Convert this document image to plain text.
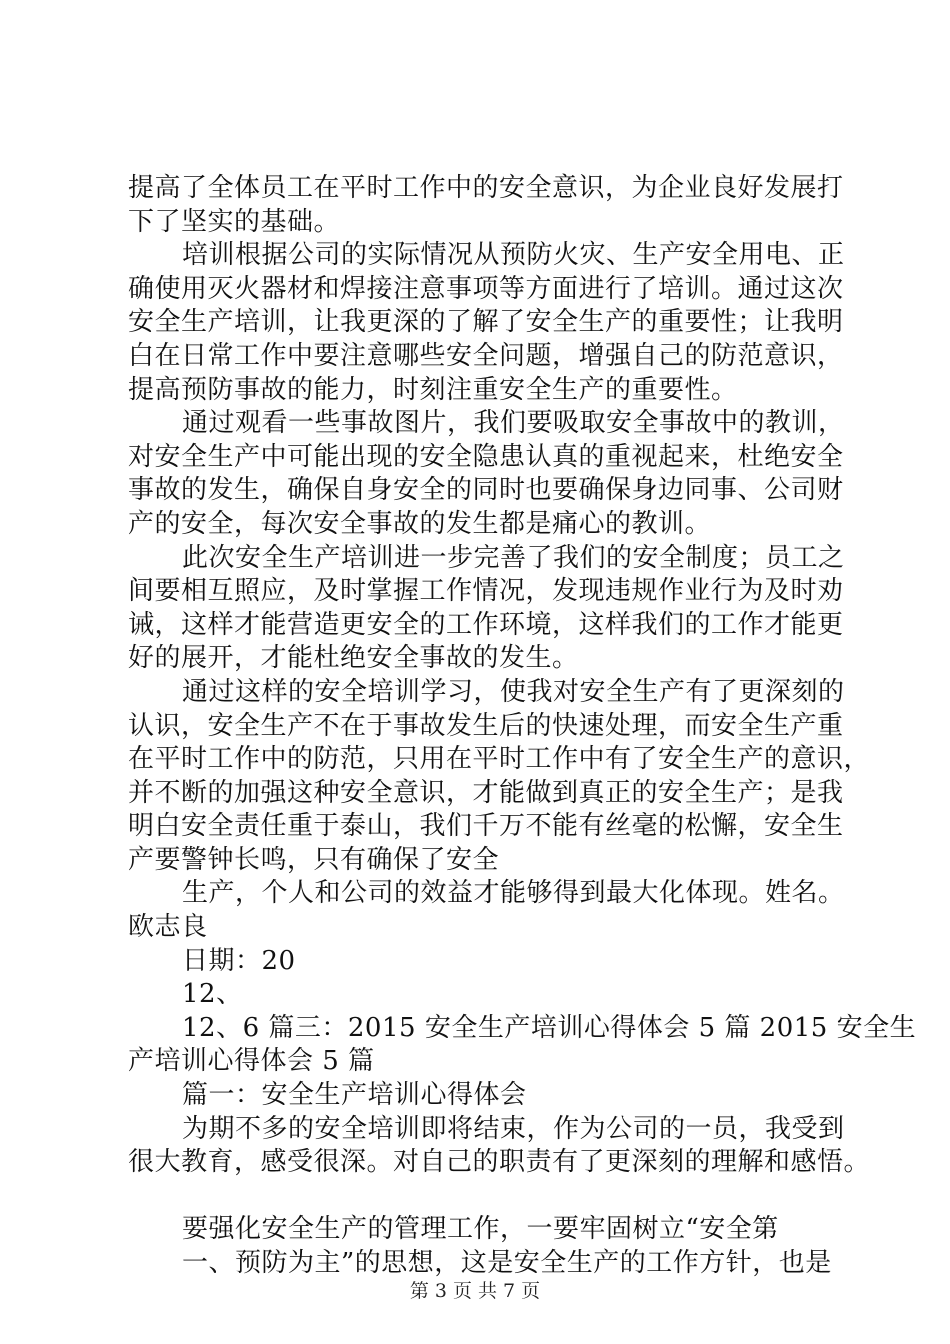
提高了全体员工在平时工作中的安全意识，为企业良好发展打
下了坚实的基础。
培训根据公司的实际情况从预防火灾、生产安全用电、正
确使用灭火器材和焊接注意事项等方面进行了培训。通过这次
安全生产培训，让我更深的了解了安全生产的重要性；让我明
白在日常工作中要注意哪些安全问题，增强自己的防范意识，
提高预防事故的能力，时刻注重安全生产的重要性。
通过观看一些事故图片，我们要吸取安全事故中的教训，
对安全生产中可能出现的安全隐患认真的重视起来，杜绝安全
事故的发生，确保自身安全的同时也要确保身边同事、公司财
产的安全，每次安全事故的发生都是痛心的教训。
此次安全生产培训进一步完善了我们的安全制度；员工之
间要相互照应，及时掌握工作情况，发现违规作业行为及时劝
诫，这样才能营造更安全的工作环境，这样我们的工作才能更
好的展开，才能杜绝安全事故的发生。
通过这样的安全培训学习，使我对安全生产有了更深刻的
认识，安全生产不在于事故发生后的快速处理，而安全生产重
在平时工作中的防范，只用在平时工作中有了安全生产的意识，
并不断的加强这种安全意识，才能做到真正的安全生产；是我
明白安全责任重于泰山，我们千万不能有丝毫的松懈，安全生
产要警钟长鸣，只有确保了安全
生产，个人和公司的效益才能够得到最大化体现。姓名。
欧志良
日期：20
12、
12、6 篇三：2015 安全生产培训心得体会 5 篇 2015 安全生
产培训心得体会 5 篇
篇一：安全生产培训心得体会
为期不多的安全培训即将结束，作为公司的一员，我受到
很大教育，感受很深。对自己的职责有了更深刻的理解和感悟。
要强化安全生产的管理工作，一要牢固树立“安全第
一、预防为主”的思想，这是安全生产的工作方针，也是
第 3 页 共 7 页
